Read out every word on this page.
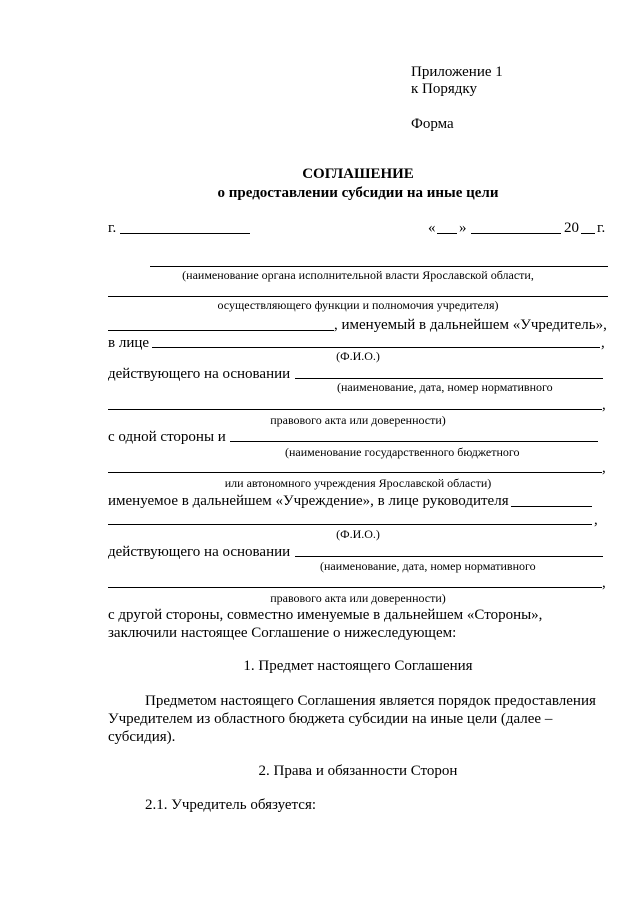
Приложение 1
к Порядку
Форма
СОГЛАШЕНИЕ
о предоставлении субсидии на иные цели
г.	« »	20 г.
(наименование органа исполнительной власти Ярославской области,
осуществляющего функции и полномочия учредителя)
, именуемый в дальнейшем «Учредитель»,
в лице	,
(Ф.И.О.)
действующего на основании
(наименование, дата, номер нормативного
,
правового акта или доверенности)
с одной стороны и
(наименование государственного бюджетного
,
или автономного учреждения Ярославской области)
именуемое в дальнейшем «Учреждение», в лице руководителя
,
(Ф.И.О.)
действующего на основании
(наименование, дата, номер нормативного
,
правового акта или доверенности)
с другой стороны, совместно именуемые в дальнейшем «Стороны»,
заключили настоящее Соглашение о нижеследующем:
1. Предмет настоящего Соглашения
Предметом настоящего Соглашения является порядок предоставления
Учредителем из областного бюджета субсидии на иные цели (далее –
субсидия).
2. Права и обязанности Сторон
2.1. Учредитель обязуется:
